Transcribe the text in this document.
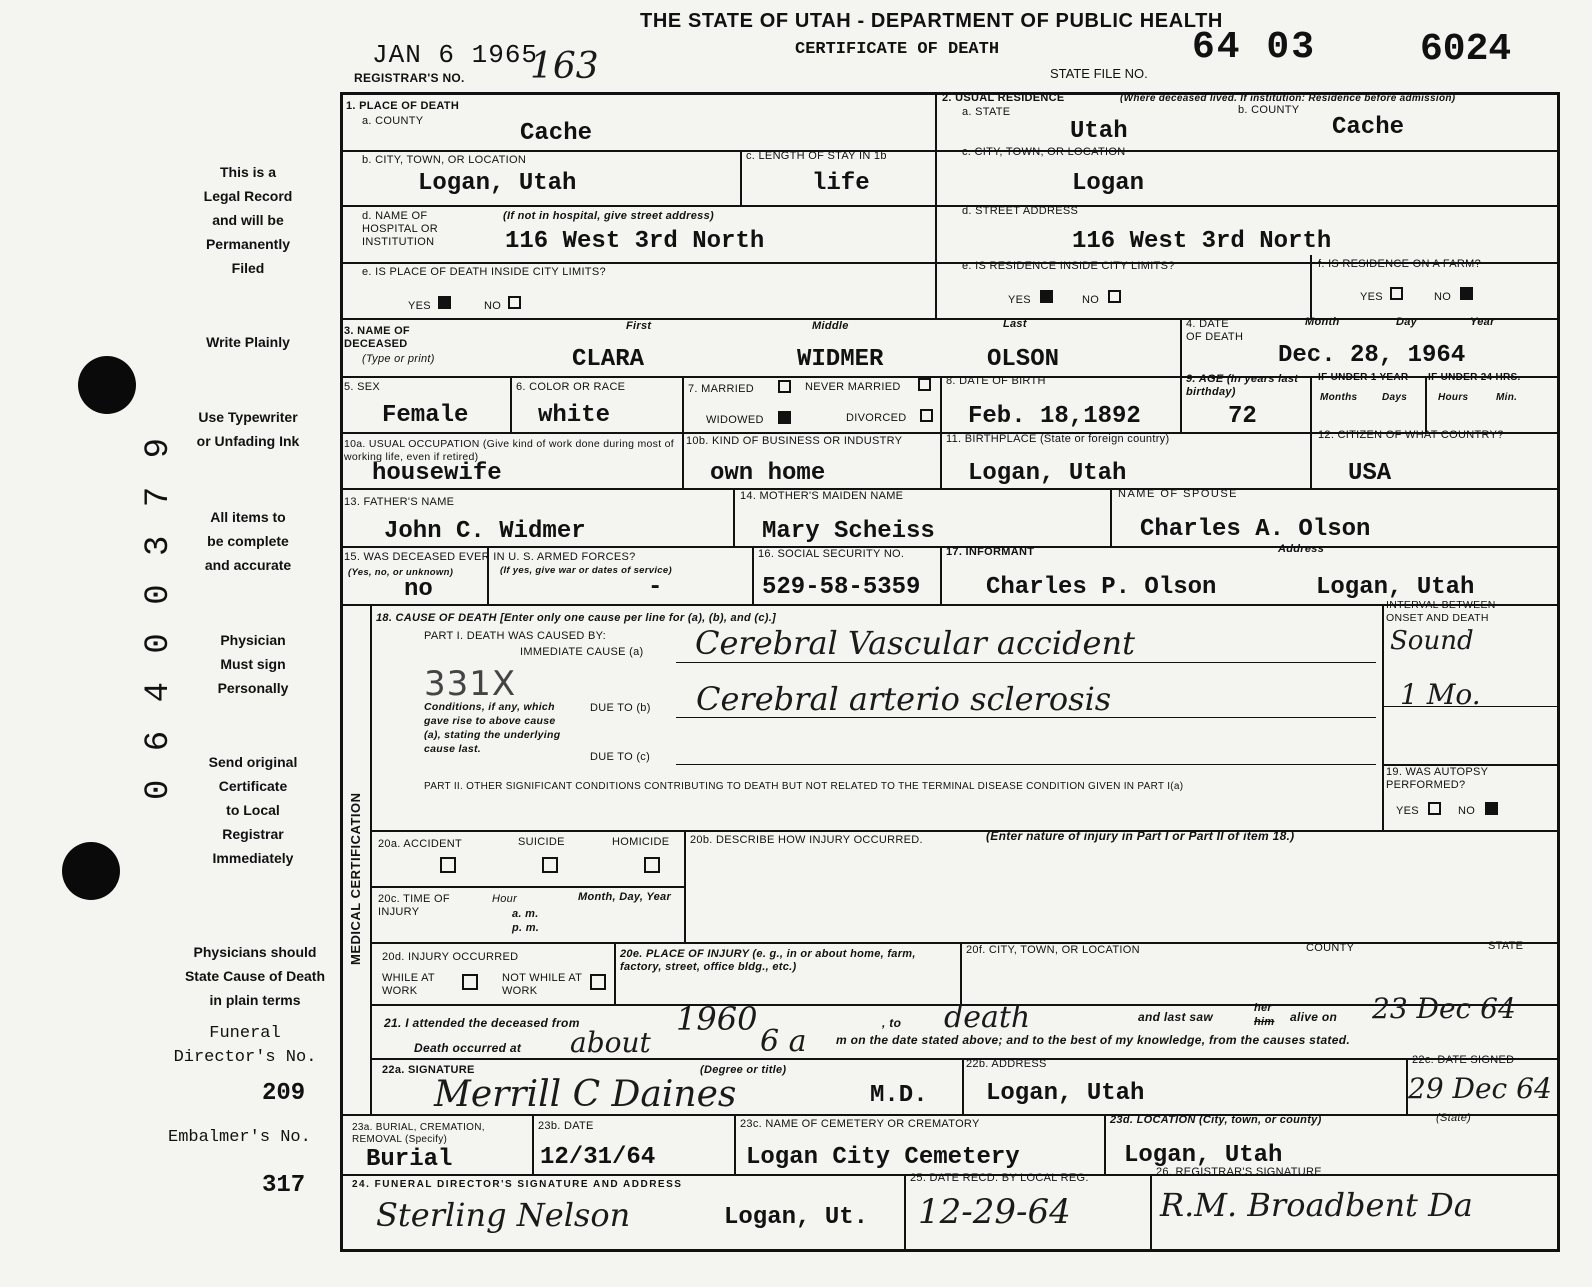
THE STATE OF UTAH - DEPARTMENT OF PUBLIC HEALTH
CERTIFICATE OF DEATH
JAN 6 1965
REGISTRAR'S NO. 163	STATE FILE NO.
64 03	6024
This is a
Legal Record
and will be
Permanently
Filed
Write Plainly
Use Typewriter
or Unfading Ink
All items to
be complete
and accurate
Physician
Must sign
Personally
Send original
Certificate
to Local
Registrar
Immediately
Physicians should
State Cause of Death
in plain terms
Funeral
Director's No.
209
Embalmer's No.
317
0 6 4 0 0 3 7 9
1. PLACE OF DEATH
a. COUNTY	Cache
b. CITY, TOWN, OR LOCATION
Logan, Utah
c. LENGTH OF STAY IN 1b
life
d. NAME OF HOSPITAL OR INSTITUTION
(If not in hospital, give street address)
116 West 3rd North
e. IS PLACE OF DEATH INSIDE CITY LIMITS?
YES	NO
2. USUAL RESIDENCE	(Where deceased lived. If institution: Residence before admission)
a. STATE
Utah
b. COUNTY
Cache
c. CITY, TOWN, OR LOCATION
Logan
d. STREET ADDRESS
116 West 3rd North
e. IS RESIDENCE INSIDE CITY LIMITS?
YES	NO
f. IS RESIDENCE ON A FARM?
YES	NO
3. NAME OF DECEASED
(Type or print)
First	Middle	Last
CLARA	WIDMER	OLSON
4. DATE OF DEATH
Month	Day	Year
Dec. 28, 1964
5. SEX
Female
6. COLOR OR RACE
white
7. MARRIED	NEVER MARRIED
WIDOWED	DIVORCED
8. DATE OF BIRTH
Feb. 18,1892
9. AGE (In years last birthday)
72
IF UNDER 1 YEAR IF UNDER 24 HRS.
Months Days	Hours	Min.
10a. USUAL OCCUPATION (Give kind of work done during most of working life, even if retired)
housewife
10b. KIND OF BUSINESS OR INDUSTRY
own home
11. BIRTHPLACE (State or foreign country)
Logan, Utah
12. CITIZEN OF WHAT COUNTRY?
USA
13. FATHER'S NAME
John C. Widmer
14. MOTHER'S MAIDEN NAME
Mary Scheiss
NAME OF SPOUSE
Charles A. Olson
15. WAS DECEASED EVER IN U. S. ARMED FORCES?
(Yes, no, or unknown)	(If yes, give war or dates of service)
no	-
16. SOCIAL SECURITY NO.
529-58-5359
17. INFORMANT	Address
Charles P. Olson	Logan, Utah
MEDICAL CERTIFICATION
18. CAUSE OF DEATH [Enter only one cause per line for (a), (b), and (c).]
PART I. DEATH WAS CAUSED BY:
IMMEDIATE CAUSE (a) Cerebral Vascular accident
331X
Conditions, if any, which gave rise to above cause (a), stating the underlying cause last.
DUE TO (b) Cerebral arterio sclerosis
DUE TO (c)
INTERVAL BETWEEN ONSET AND DEATH
Sound
1 Mo.
PART II. OTHER SIGNIFICANT CONDITIONS CONTRIBUTING TO DEATH BUT NOT RELATED TO THE TERMINAL DISEASE CONDITION GIVEN IN PART I(a)
19. WAS AUTOPSY PERFORMED?
YES	NO
20a. ACCIDENT	SUICIDE	HOMICIDE 20b. DESCRIBE HOW INJURY OCCURRED.	(Enter nature of injury in Part I or Part II of item 18.)
20c. TIME OF INJURY
Hour
a. m.
p. m.
Month, Day, Year
20d. INJURY OCCURRED
WHILE AT WORK
NOT WHILE AT WORK
20e. PLACE OF INJURY (e. g., in or about home, farm, factory, street, office bldg., etc.)
20f. CITY, TOWN, OR LOCATION	COUNTY	STATE
21. I attended the deceased from	1960	, to death	and last saw
her
him alive on 23 Dec 64
Death occurred at about	6 a m on the date stated above; and to the best of my knowledge, from the causes stated.
22a. SIGNATURE	(Degree or title)
Merrill C Daines	M.D.
22b. ADDRESS
Logan, Utah
22c. DATE SIGNED
29 Dec 64
23a. BURIAL, CREMATION, REMOVAL (Specify)
Burial
23b. DATE
12/31/64
23c. NAME OF CEMETERY OR CREMATORY
Logan City Cemetery
23d. LOCATION (City, town, or county)
Logan, Utah
(State)
24. FUNERAL DIRECTOR'S SIGNATURE AND ADDRESS
Sterling Nelson	Logan, Ut.
25. DATE RECD. BY LOCAL REG.
12-29-64
26. REGISTRAR'S SIGNATURE
R.M. Broadbent Da
